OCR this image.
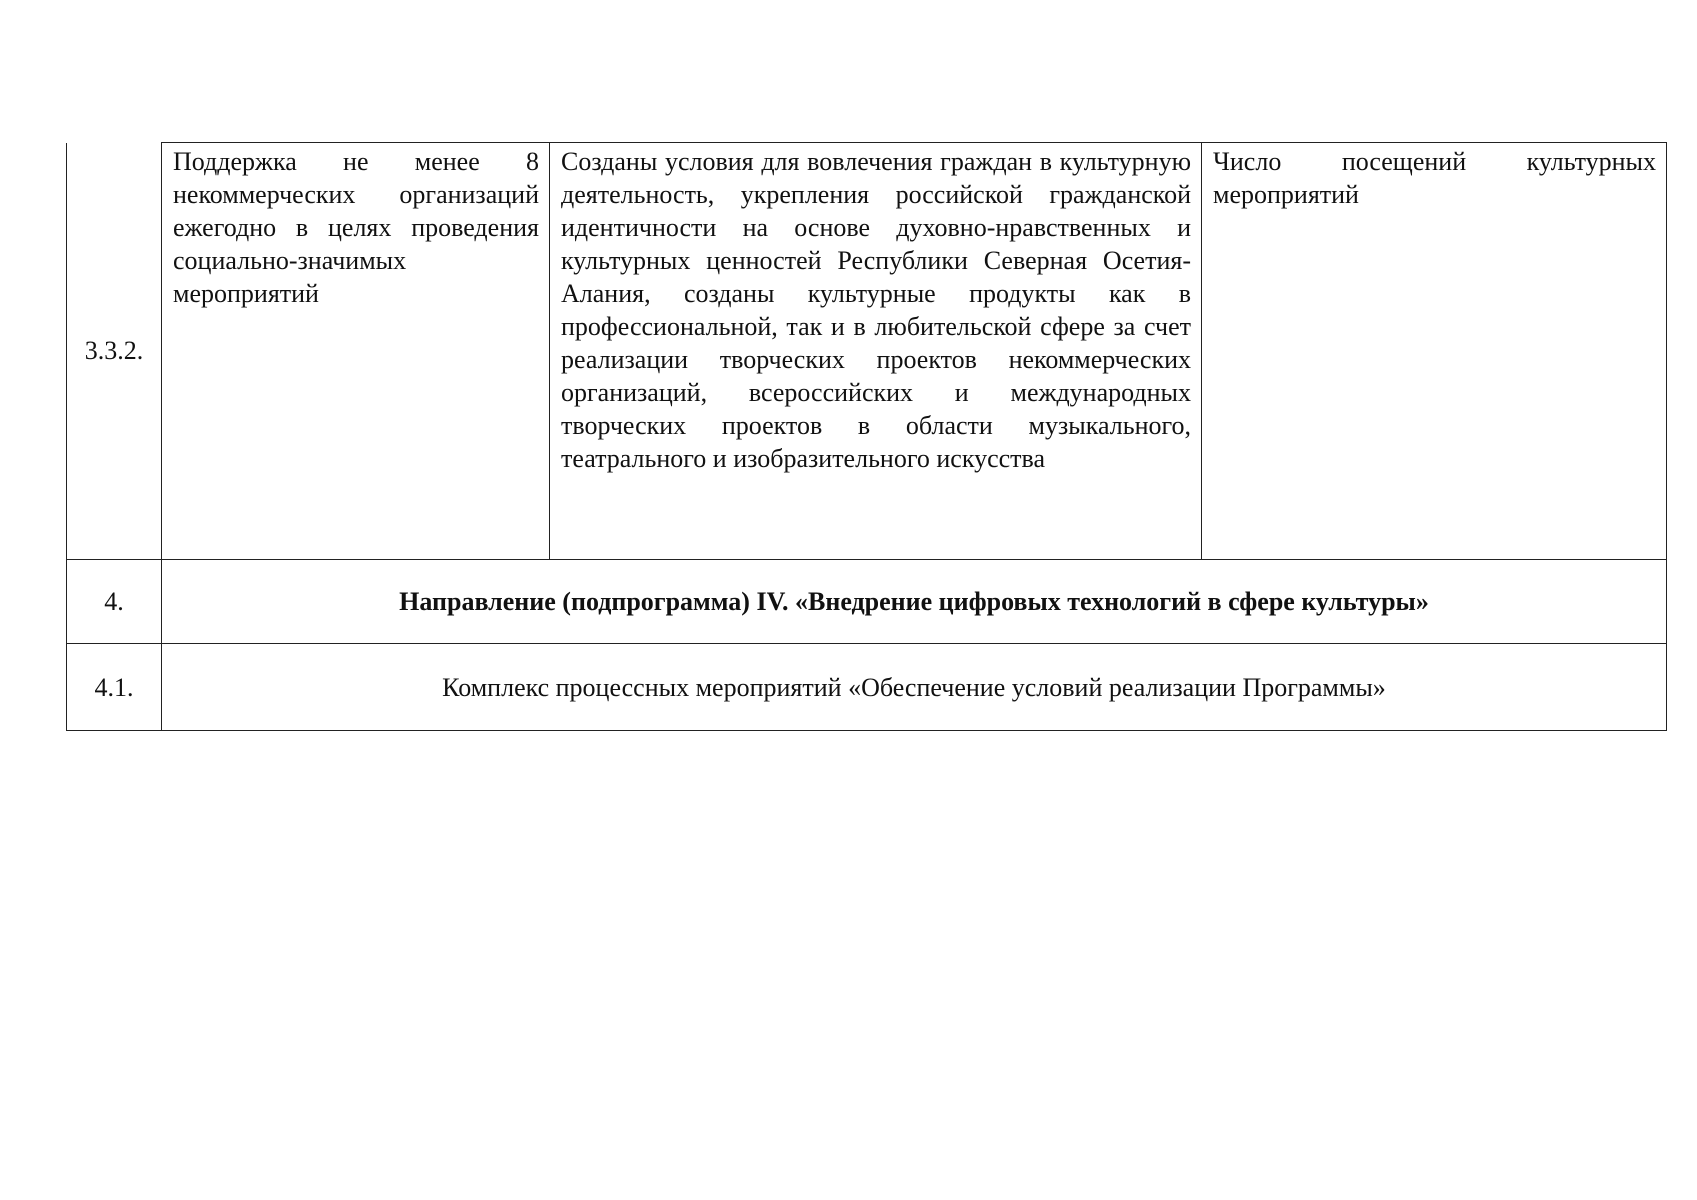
3.3.2.	Поддержка не менее 8 некоммерческих организаций ежегодно в целях проведения социально-значимых мероприятий	Созданы условия для вовлечения граждан в культурную деятельность, укрепления российской гражданской идентичности на основе духовно-нравственных и культурных ценностей Республики Северная Осетия-Алания, созданы культурные продукты как в профессиональной, так и в любительской сфере за счет реализации творческих проектов некоммерческих организаций, всероссийских и международных творческих проектов в области музыкального, театрального и изобразительного искусства	Число посещений культурных мероприятий
4.	Направление (подпрограмма) IV. «Внедрение цифровых технологий в сфере культуры»		
4.1.	Комплекс процессных мероприятий «Обеспечение условий реализации Программы»		
